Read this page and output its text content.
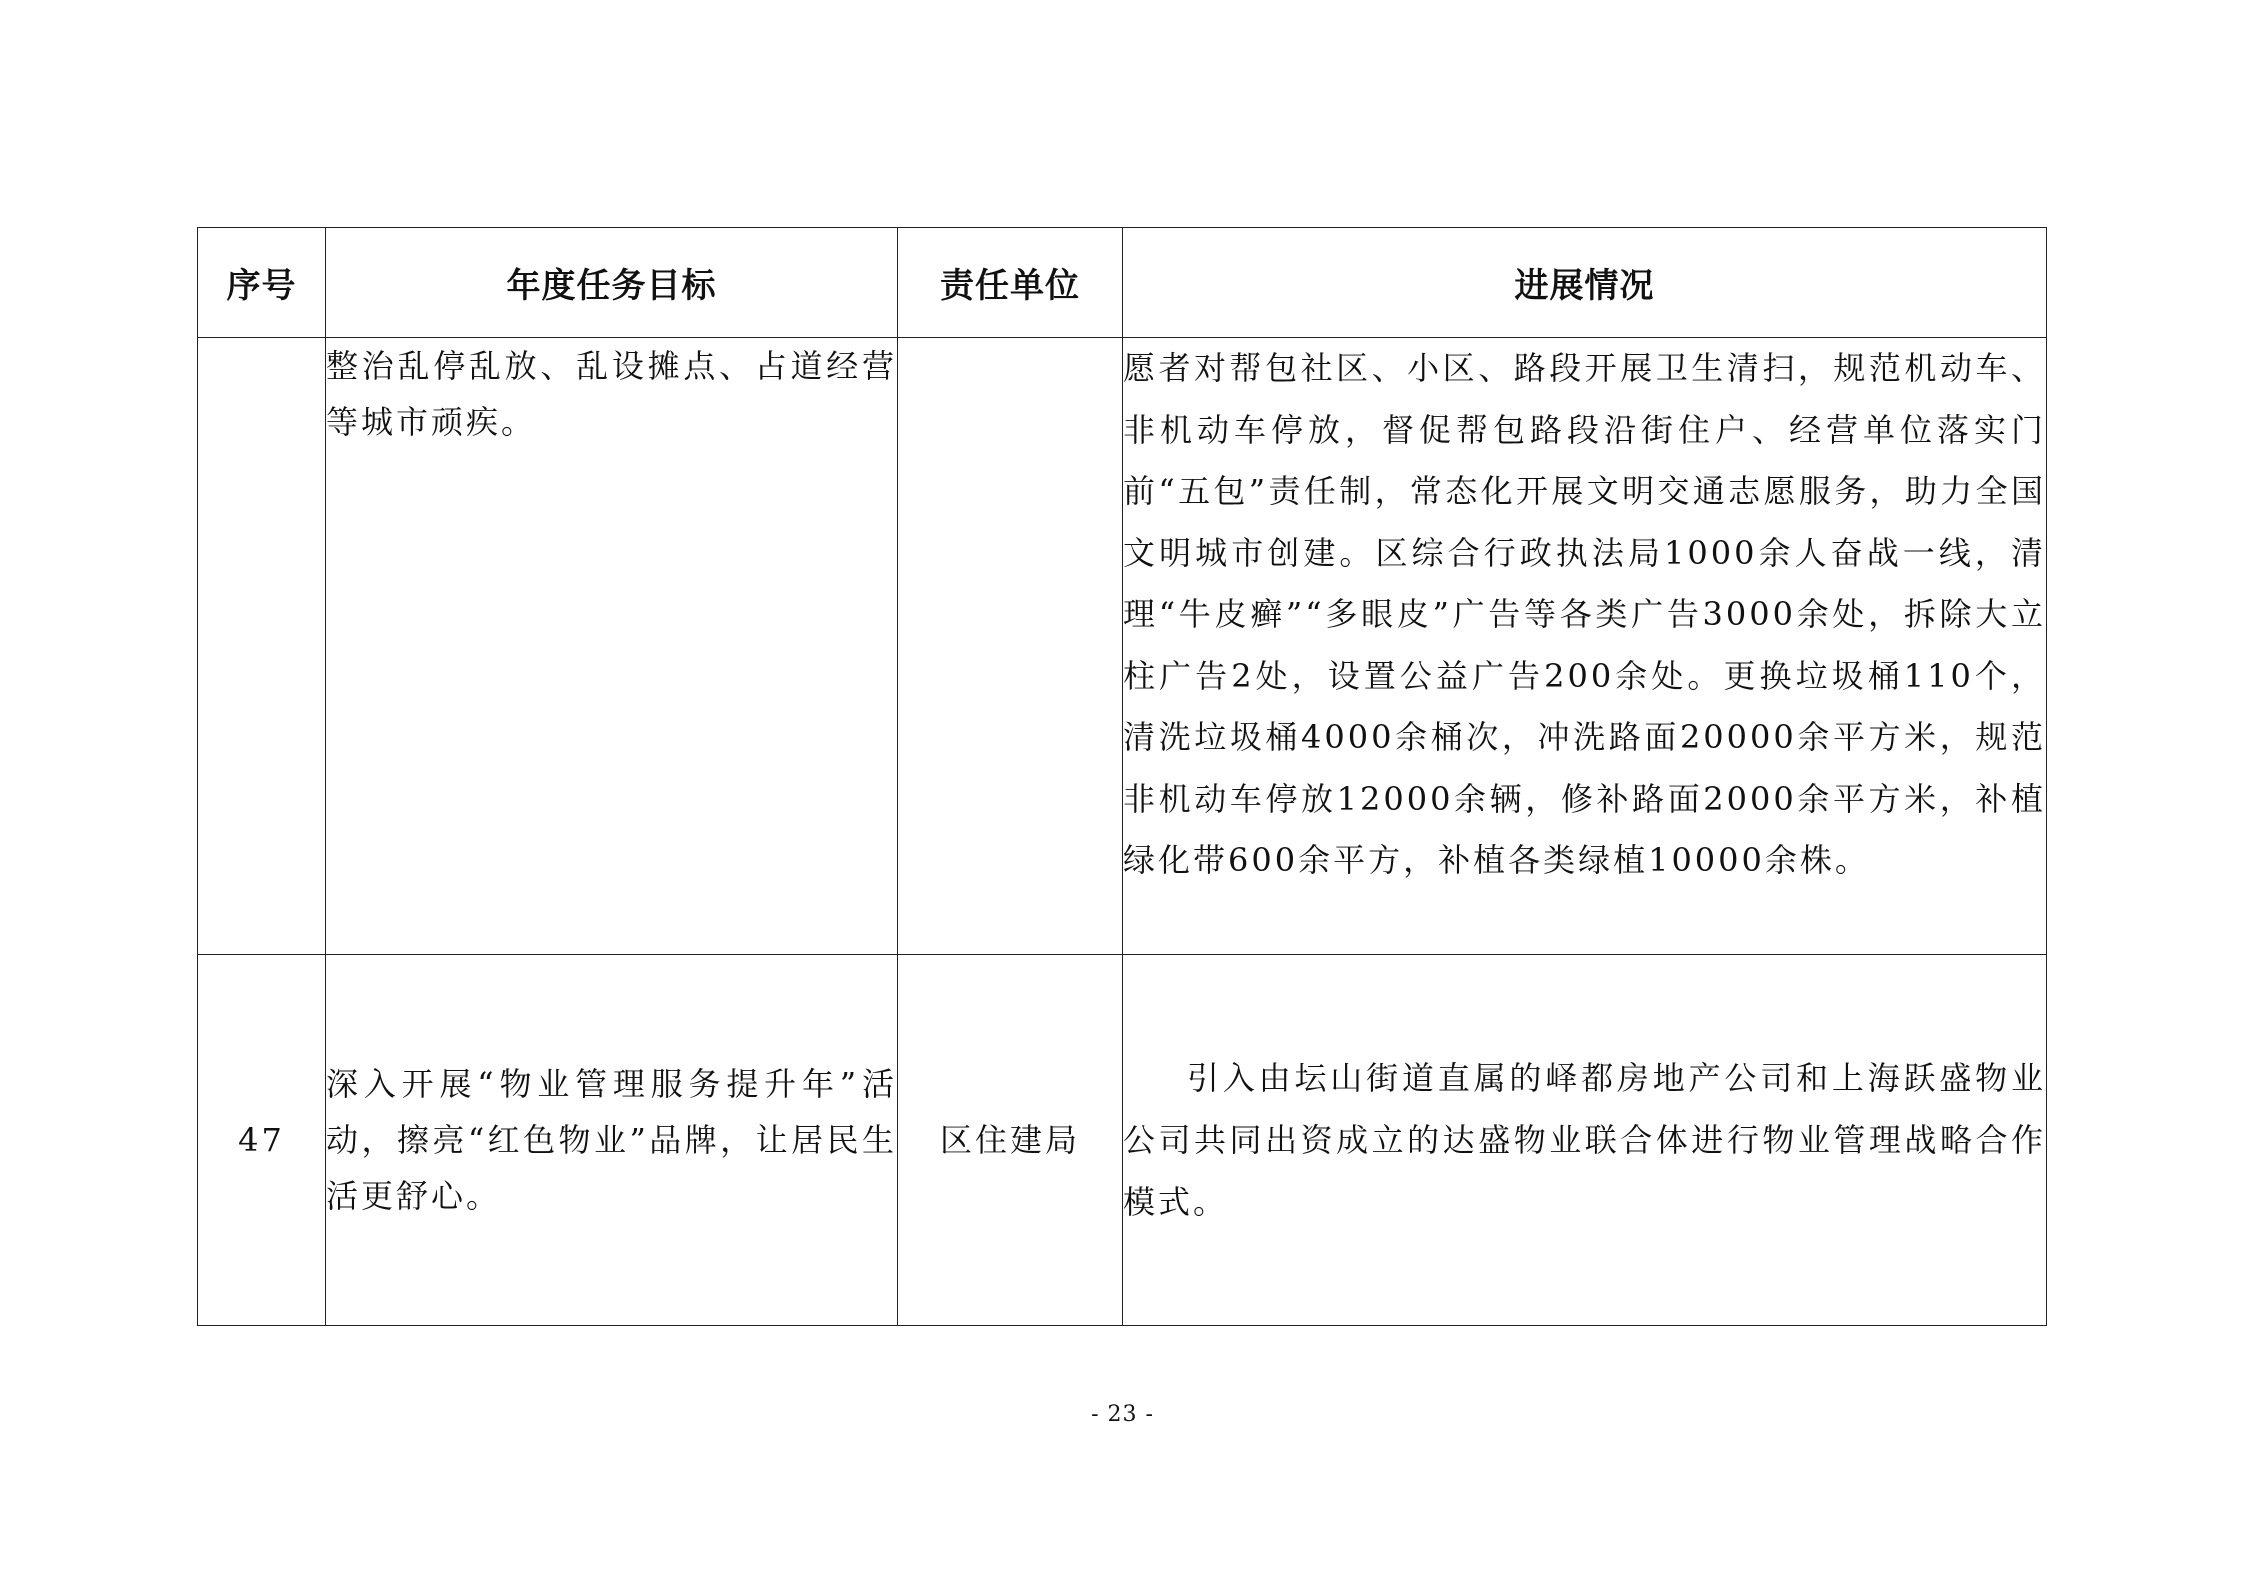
序号	年度任务目标	责任单位	进展情况
	整治乱停乱放、乱设摊点、占道经营等城市顽疾。		愿者对帮包社区、小区、路段开展卫生清扫，规范机动车、非机动车停放，督促帮包路段沿街住户、经营单位落实门前“五包”责任制，常态化开展文明交通志愿服务，助力全国文明城市创建。区综合行政执法局1000余人奋战一线，清理“牛皮癣”“多眼皮”广告等各类广告3000余处，拆除大立柱广告2处，设置公益广告200余处。更换垃圾桶110个，清洗垃圾桶4000余桶次，冲洗路面20000余平方米，规范非机动车停放12000余辆，修补路面2000余平方米，补植绿化带600余平方，补植各类绿植10000余株。
47	深入开展“物业管理服务提升年”活动，擦亮“红色物业”品牌，让居民生活更舒心。	区住建局	引入由坛山街道直属的峄都房地产公司和上海跃盛物业公司共同出资成立的达盛物业联合体进行物业管理战略合作模式。
- 23 -
